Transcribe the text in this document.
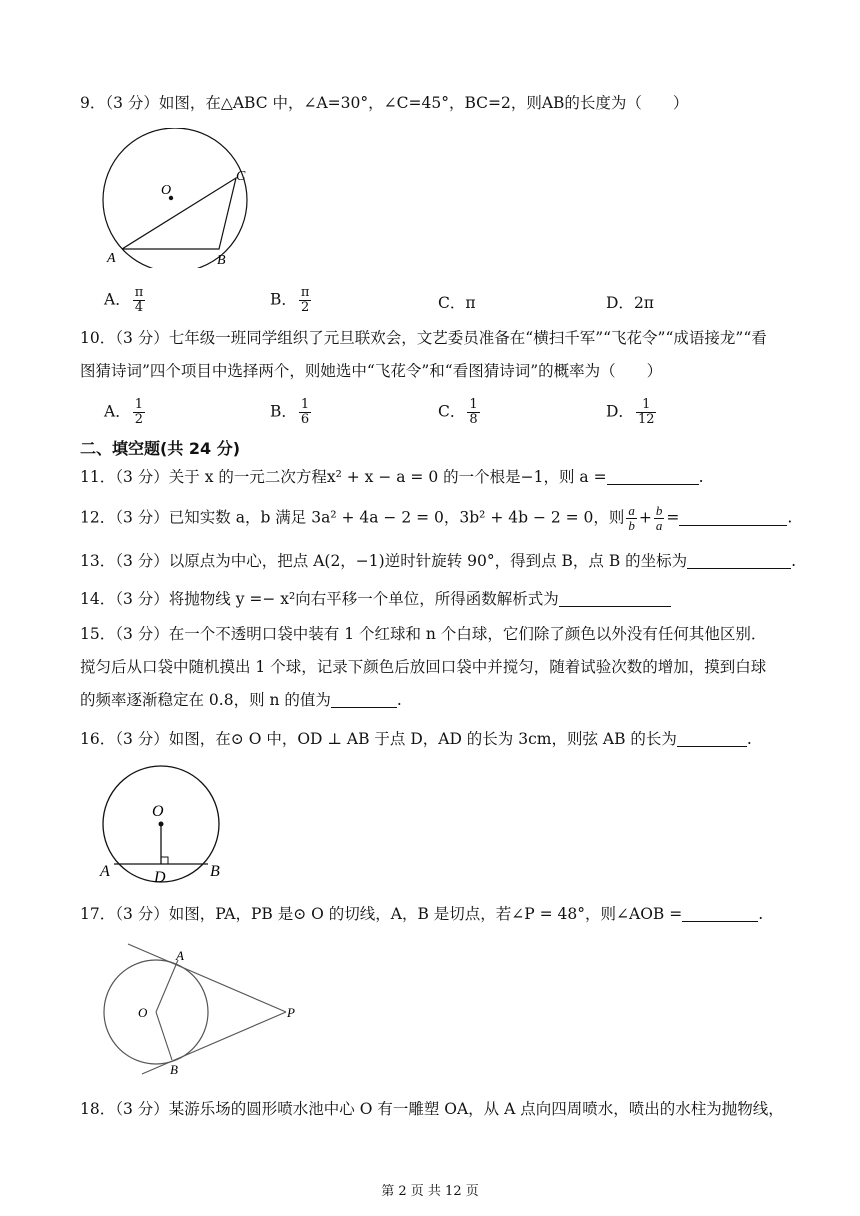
9．（3 分）如图，在△ABC 中，∠A=30°，∠C=45°，BC=2，则AB的长度为（　　）
O
A	B
C
A． $\frac{\pi}{4}$	B． $\frac{\pi}{2}$	C．π	D．2π
10．（3 分）七年级一班同学组织了元旦联欢会，文艺委员准备在“横扫千军”“飞花令”“成语接龙”“看图猜诗词”四个项目中选择两个，则她选中“飞花令”和“看图猜诗词”的概率为（　　）
A． $\frac{1}{2}$	B． $\frac{1}{6}$	C． $\frac{1}{8}$	D． $\frac{1}{12}$
二、填空题(共 24 分)
11．（3 分）关于 x 的一元二次方程x² + x − a = 0 的一个根是−1，则 a =	.
12．（3 分）已知实数 a，b 满足 3a² + 4a − 2 = 0，3b² + 4b − 2 = 0，则 $\frac{a}{b} + \frac{b}{a}$ =	.
13．（3 分）以原点为中心，把点 A(2，−1)逆时针旋转 90°，得到点 B，点 B 的坐标为	.
14．（3 分）将抛物线 y =− x²向右平移一个单位，所得函数解析式为
15．（3 分）在一个不透明口袋中装有 1 个红球和 n 个白球，它们除了颜色以外没有任何其他区别．搅匀后从口袋中随机摸出 1 个球，记录下颜色后放回口袋中并搅匀，随着试验次数的增加，摸到白球的频率逐渐稳定在 0.8，则 n 的值为	.
16．（3 分）如图，在⊙ O 中，OD ⊥ AB 于点 D，AD 的长为 3cm，则弦 AB 的长为	.
O
A	B
D
17．（3 分）如图，PA，PB 是⊙ O 的切线，A，B 是切点，若∠P = 48°，则∠AOB =	.
A
B
O	P
18．（3 分）某游乐场的圆形喷水池中心 O 有一雕塑 OA，从 A 点向四周喷水，喷出的水柱为抛物线，
第 2 页 共 12 页
